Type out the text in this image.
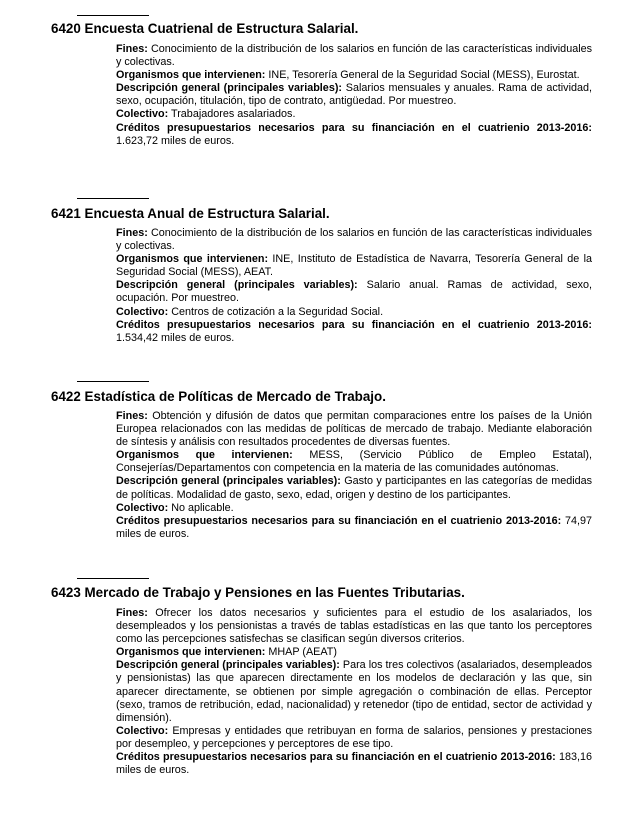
6420 Encuesta Cuatrienal de Estructura Salarial.

Fines: Conocimiento de la distribución de los salarios en función de las características individuales y colectivas.

Organismos que intervienen: INE, Tesorería General de la Seguridad Social (MESS), Eurostat.

Descripción general (principales variables): Salarios mensuales y anuales. Rama de actividad, sexo, ocupación, titulación, tipo de contrato, antigüedad. Por muestreo.

Colectivo: Trabajadores asalariados.

Créditos presupuestarios necesarios para su financiación en el cuatrienio 2013-2016: 1.623,72 miles de euros.

6421 Encuesta Anual de Estructura Salarial.

Fines: Conocimiento de la distribución de los salarios en función de las características individuales y colectivas.

Organismos que intervienen: INE, Instituto de Estadística de Navarra, Tesorería General de la Seguridad Social (MESS), AEAT.

Descripción general (principales variables): Salario anual. Ramas de actividad, sexo, ocupación. Por muestreo.

Colectivo: Centros de cotización a la Seguridad Social.

Créditos presupuestarios necesarios para su financiación en el cuatrienio 2013-2016: 1.534,42 miles de euros.

6422 Estadística de Políticas de Mercado de Trabajo.

Fines: Obtención y difusión de datos que permitan comparaciones entre los países de la Unión Europea relacionados con las medidas de políticas de mercado de trabajo. Mediante elaboración de síntesis y análisis con resultados procedentes de diversas fuentes.

Organismos que intervienen: MESS, (Servicio Público de Empleo Estatal), Consejerías/Departamentos con competencia en la materia de las comunidades autónomas.

Descripción general (principales variables): Gasto y participantes en las categorías de medidas de políticas. Modalidad de gasto, sexo, edad, origen y destino de los participantes.

Colectivo: No aplicable.

Créditos presupuestarios necesarios para su financiación en el cuatrienio 2013-2016: 74,97 miles de euros.

6423 Mercado de Trabajo y Pensiones en las Fuentes Tributarias.

Fines: Ofrecer los datos necesarios y suficientes para el estudio de los asalariados, los desempleados y los pensionistas a través de tablas estadísticas en las que tanto los perceptores como las percepciones satisfechas se clasifican según diversos criterios.

Organismos que intervienen: MHAP (AEAT)

Descripción general (principales variables): Para los tres colectivos (asalariados, desempleados y pensionistas) las que aparecen directamente en los modelos de declaración y las que, sin aparecer directamente, se obtienen por simple agregación o combinación de ellas. Perceptor (sexo, tramos de retribución, edad, nacionalidad) y retenedor (tipo de entidad, sector de actividad y dimensión).

Colectivo: Empresas y entidades que retribuyan en forma de salarios, pensiones y prestaciones por desempleo, y percepciones y perceptores de ese tipo.

Créditos presupuestarios necesarios para su financiación en el cuatrienio 2013-2016: 183,16 miles de euros.
